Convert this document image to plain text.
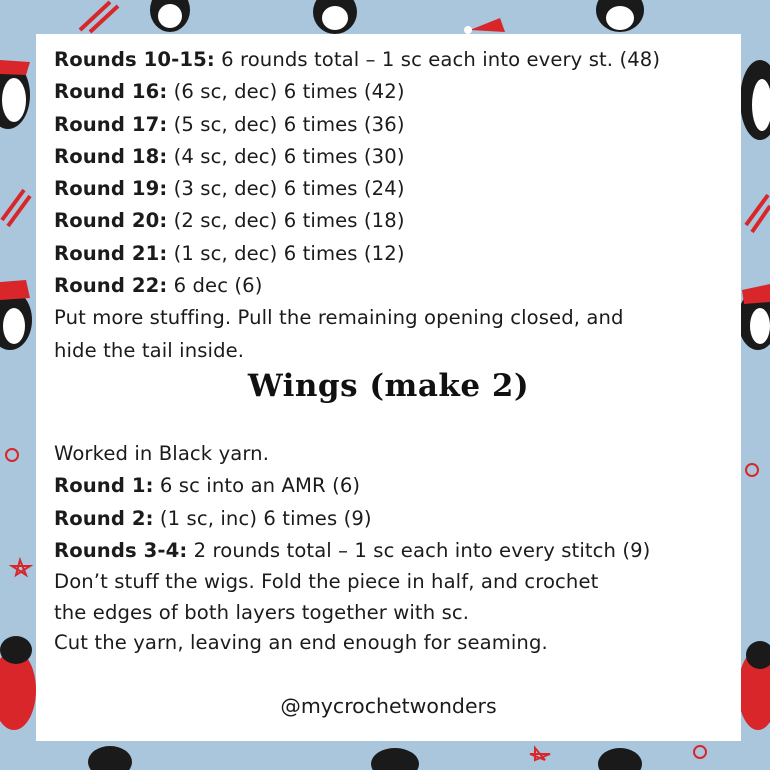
Rounds 10-15: 6 rounds total – 1 sc each into every st. (48)
Round 16: (6 sc, dec) 6 times (42)
Round 17: (5 sc, dec) 6 times (36)
Round 18: (4 sc, dec) 6 times (30)
Round 19: (3 sc, dec) 6 times (24)
Round 20: (2 sc, dec) 6 times (18)
Round 21: (1 sc, dec) 6 times (12)
Round 22: 6 dec (6)
Put more stuffing. Pull the remaining opening closed, and
hide the tail inside.
Wings (make 2)
Worked in Black yarn.
Round 1: 6 sc into an AMR (6)
Round 2: (1 sc, inc) 6 times (9)
Rounds 3-4: 2 rounds total – 1 sc each into every stitch (9)
Don’t stuff the wigs. Fold the piece in half, and crochet
the edges of both layers together with sc.
Cut the yarn, leaving an end enough for seaming.
@mycrochetwonders
